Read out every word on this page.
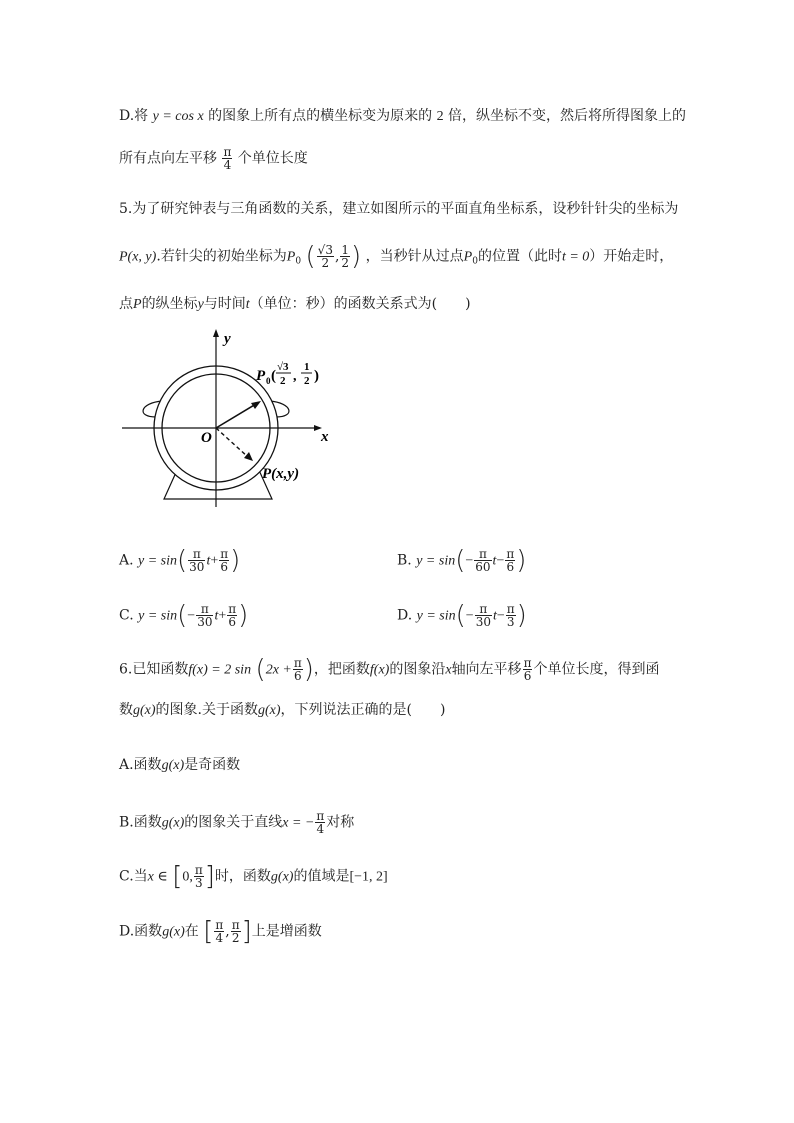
D.将 y = cos x 的图象上所有点的横坐标变为原来的 2 倍，纵坐标不变，然后将所得图象上的
所有点向左平移 $\frac{\pi}{4}$ 个单位长度
5.为了研究钟表与三角函数的关系，建立如图所示的平面直角坐标系，设秒针针尖的坐标为
P(x, y).若针尖的初始坐标为$P_0$ ( $\frac{√3}{2}$ , $\frac{1}{2}$ ) ，当秒针从过点$P_0$的位置（此时t = 0）开始走时，
点P的纵坐标y与时间t（单位：秒）的函数关系式为(　　)
y
x
O
P 0 (
√3
2 ,
1
2 )
P(x,y)
A. $y = \sin( \frac{\pi}{30} t+ \frac{\pi}{6}$ )	B. $y = \sin(- \frac{\pi}{60} t- \frac{\pi}{6}$ )
C. $y = \sin(- \frac{\pi}{30} t+ \frac{\pi}{6}$ )	D. $y = \sin(- \frac{\pi}{30} t- \frac{\pi}{3}$ )
6.已知函数f(x) = 2 $\sin (2x + \frac{\pi}{6}$ )，把函数f(x)的图象沿x轴向左平移 $\frac{\pi}{6}$ 个单位长度，得到函
数g(x)的图象.关于函数g(x)，下列说法正确的是(　　)
A.函数g(x)是奇函数
B.函数g(x)的图象关于直线x = − $\frac{\pi}{4}$ 对称
C.当x ∈ [0, $\frac{\pi}{3}$ ]时，函数g(x)的值域是[−1, 2]
D.函数g(x)在 [ $\frac{\pi}{4}$ , $\frac{\pi}{2}$ ]上是增函数
